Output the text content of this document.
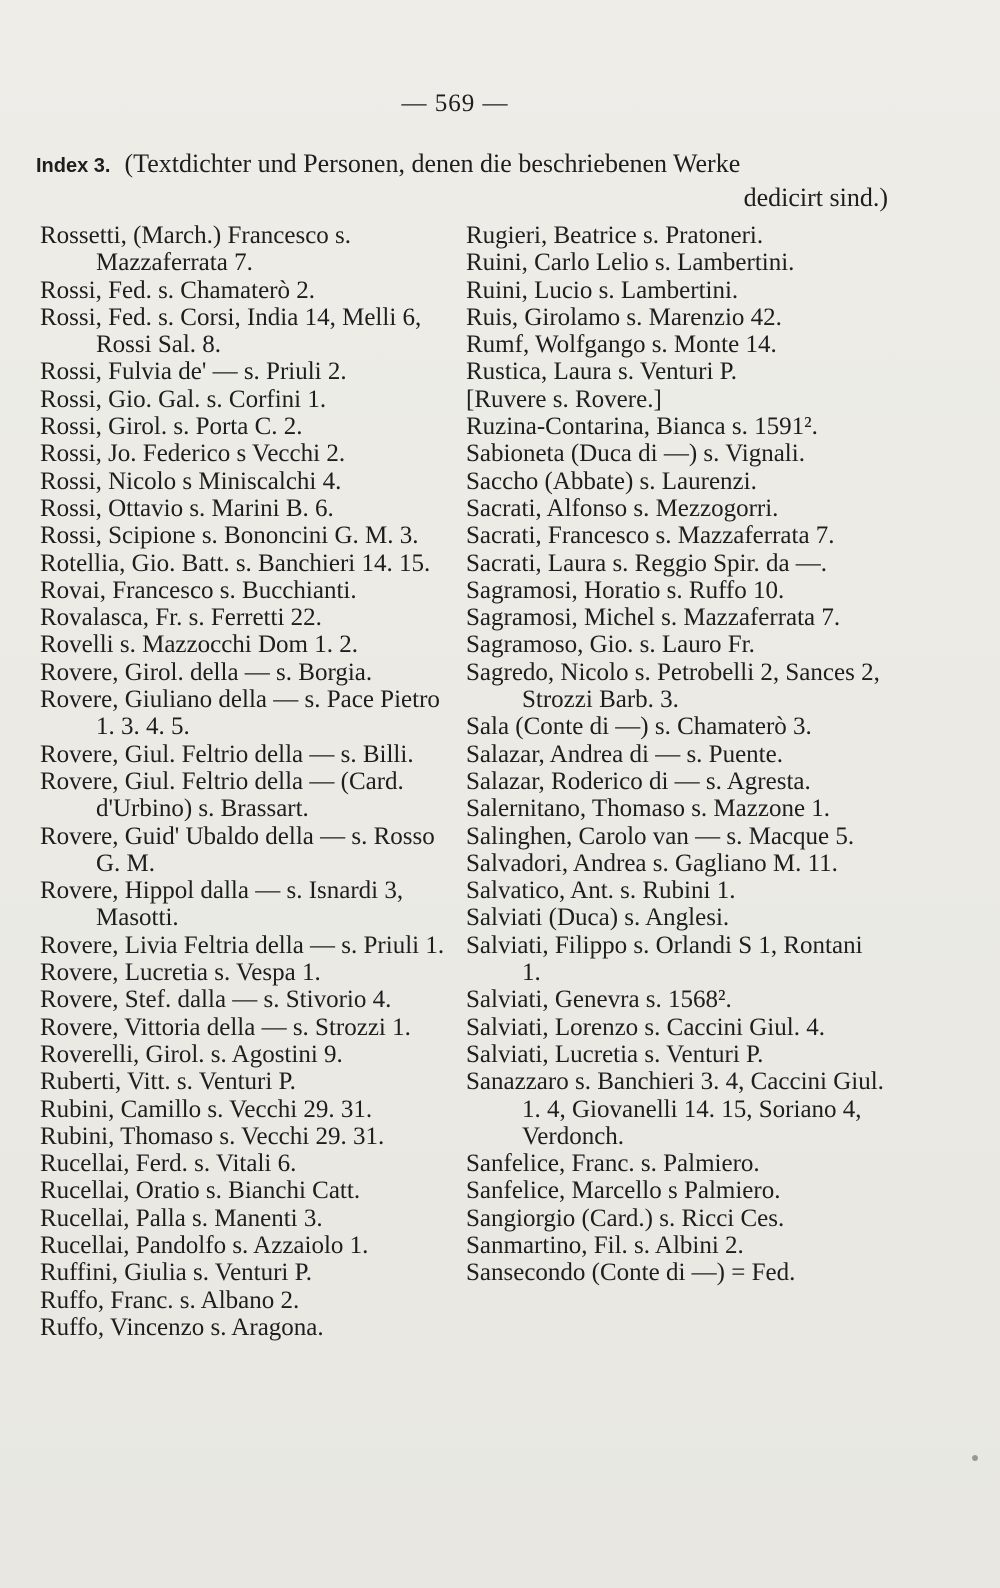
— 569 —
Index 3. (Textdichter und Personen, denen die beschriebenen Werke
dedicirt sind.)
Rossetti, (March.) Francesco s. Mazzaferrata 7.
Rossi, Fed. s. Chamaterò 2.
Rossi, Fed. s. Corsi, India 14, Melli 6, Rossi Sal. 8.
Rossi, Fulvia de' — s. Priuli 2.
Rossi, Gio. Gal. s. Corfini 1.
Rossi, Girol. s. Porta C. 2.
Rossi, Jo. Federico s Vecchi 2.
Rossi, Nicolo s Miniscalchi 4.
Rossi, Ottavio s. Marini B. 6.
Rossi, Scipione s. Bononcini G. M. 3.
Rotellia, Gio. Batt. s. Banchieri 14. 15.
Rovai, Francesco s. Bucchianti.
Rovalasca, Fr. s. Ferretti 22.
Rovelli s. Mazzocchi Dom 1. 2.
Rovere, Girol. della — s. Borgia.
Rovere, Giuliano della — s. Pace Pietro 1. 3. 4. 5.
Rovere, Giul. Feltrio della — s. Billi.
Rovere, Giul. Feltrio della — (Card. d'Urbino) s. Brassart.
Rovere, Guid' Ubaldo della — s. Rosso G. M.
Rovere, Hippol dalla — s. Isnardi 3, Masotti.
Rovere, Livia Feltria della — s. Priuli 1.
Rovere, Lucretia s. Vespa 1.
Rovere, Stef. dalla — s. Stivorio 4.
Rovere, Vittoria della — s. Strozzi 1.
Roverelli, Girol. s. Agostini 9.
Ruberti, Vitt. s. Venturi P.
Rubini, Camillo s. Vecchi 29. 31.
Rubini, Thomaso s. Vecchi 29. 31.
Rucellai, Ferd. s. Vitali 6.
Rucellai, Oratio s. Bianchi Catt.
Rucellai, Palla s. Manenti 3.
Rucellai, Pandolfo s. Azzaiolo 1.
Ruffini, Giulia s. Venturi P.
Ruffo, Franc. s. Albano 2.
Ruffo, Vincenzo s. Aragona.
Rugieri, Beatrice s. Pratoneri.
Ruini, Carlo Lelio s. Lambertini.
Ruini, Lucio s. Lambertini.
Ruis, Girolamo s. Marenzio 42.
Rumf, Wolfgango s. Monte 14.
Rustica, Laura s. Venturi P.
[Ruvere s. Rovere.]
Ruzina-Contarina, Bianca s. 1591².
Sabioneta (Duca di —) s. Vignali.
Saccho (Abbate) s. Laurenzi.
Sacrati, Alfonso s. Mezzogorri.
Sacrati, Francesco s. Mazzaferrata 7.
Sacrati, Laura s. Reggio Spir. da —.
Sagramosi, Horatio s. Ruffo 10.
Sagramosi, Michel s. Mazzaferrata 7.
Sagramoso, Gio. s. Lauro Fr.
Sagredo, Nicolo s. Petrobelli 2, Sances 2, Strozzi Barb. 3.
Sala (Conte di —) s. Chamaterò 3.
Salazar, Andrea di — s. Puente.
Salazar, Roderico di — s. Agresta.
Salernitano, Thomaso s. Mazzone 1.
Salinghen, Carolo van — s. Macque 5.
Salvadori, Andrea s. Gagliano M. 11.
Salvatico, Ant. s. Rubini 1.
Salviati (Duca) s. Anglesi.
Salviati, Filippo s. Orlandi S 1, Rontani 1.
Salviati, Genevra s. 1568².
Salviati, Lorenzo s. Caccini Giul. 4.
Salviati, Lucretia s. Venturi P.
Sanazzaro s. Banchieri 3. 4, Caccini Giul. 1. 4, Giovanelli 14. 15, Soriano 4, Verdonch.
Sanfelice, Franc. s. Palmiero.
Sanfelice, Marcello s Palmiero.
Sangiorgio (Card.) s. Ricci Ces.
Sanmartino, Fil. s. Albini 2.
Sansecondo (Conte di —) = Fed.
